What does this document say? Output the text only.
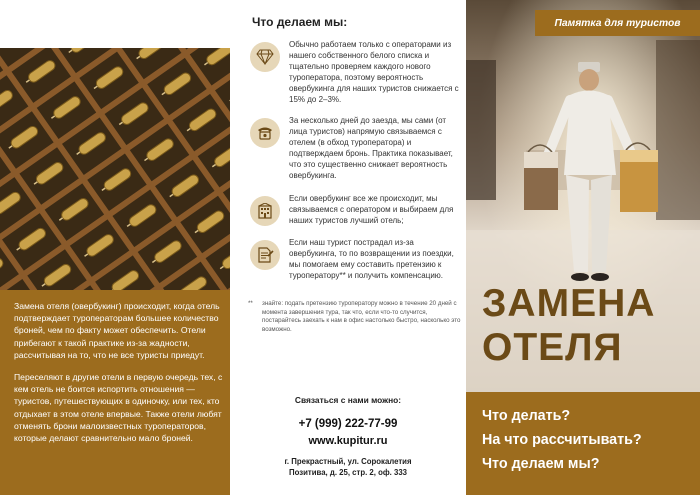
Замена отеля (овербукинг) происходит, когда отель подтверждает туроператорам большее количество броней, чем по факту может обеспечить. Отели прибегают к такой практике из-за жадности, рассчитывая на то, что не все туристы приедут.

Переселяют в другие отели в первую очередь тех, с кем отель не боится испортить отношения — туристов, путешествующих в одиночку, или тех, кто отдыхает в этом отеле впервые. Также отели любят отменять брони малоизвестных туроператоров, которые делают сравнительно мало броней.

Что делаем мы:
Обычно работаем только с операторами из нашего собственного белого списка и тщательно проверяем каждого нового туроператора, поэтому вероятность овербукинга для наших туристов снижается с 15% до 2–3%.
За несколько дней до заезда, мы сами (от лица туристов) напрямую связываемся с отелем (в обход туроператора) и подтверждаем бронь. Практика показывает, что это существенно снижает вероятность овербукинга.
Если овербукинг все же происходит, мы связываемся с оператором и выбираем для наших туристов лучший отель;
Если наш турист пострадал из-за овербукинга, то по возвращении из поездки, мы помогаем ему составить претензию к туроператору** и получить компенсацию.
**	знайте: подать претензию туроператору можно в течение 20 дней с момента завершения тура, так что, если что-то случится, постарайтесь заехать к нам в офис настолько быстро, насколько это возможно.
Связаться с нами можно:
+7 (999) 222-77-99
www.kupitur.ru
г. Прекрастный, ул. Сорокалетия
Позитива, д. 25, стр. 2, оф. 333
Памятка для туристов
ЗАМЕНА
ОТЕЛЯ
Что делать?
На что рассчитывать?
Что делаем мы?
